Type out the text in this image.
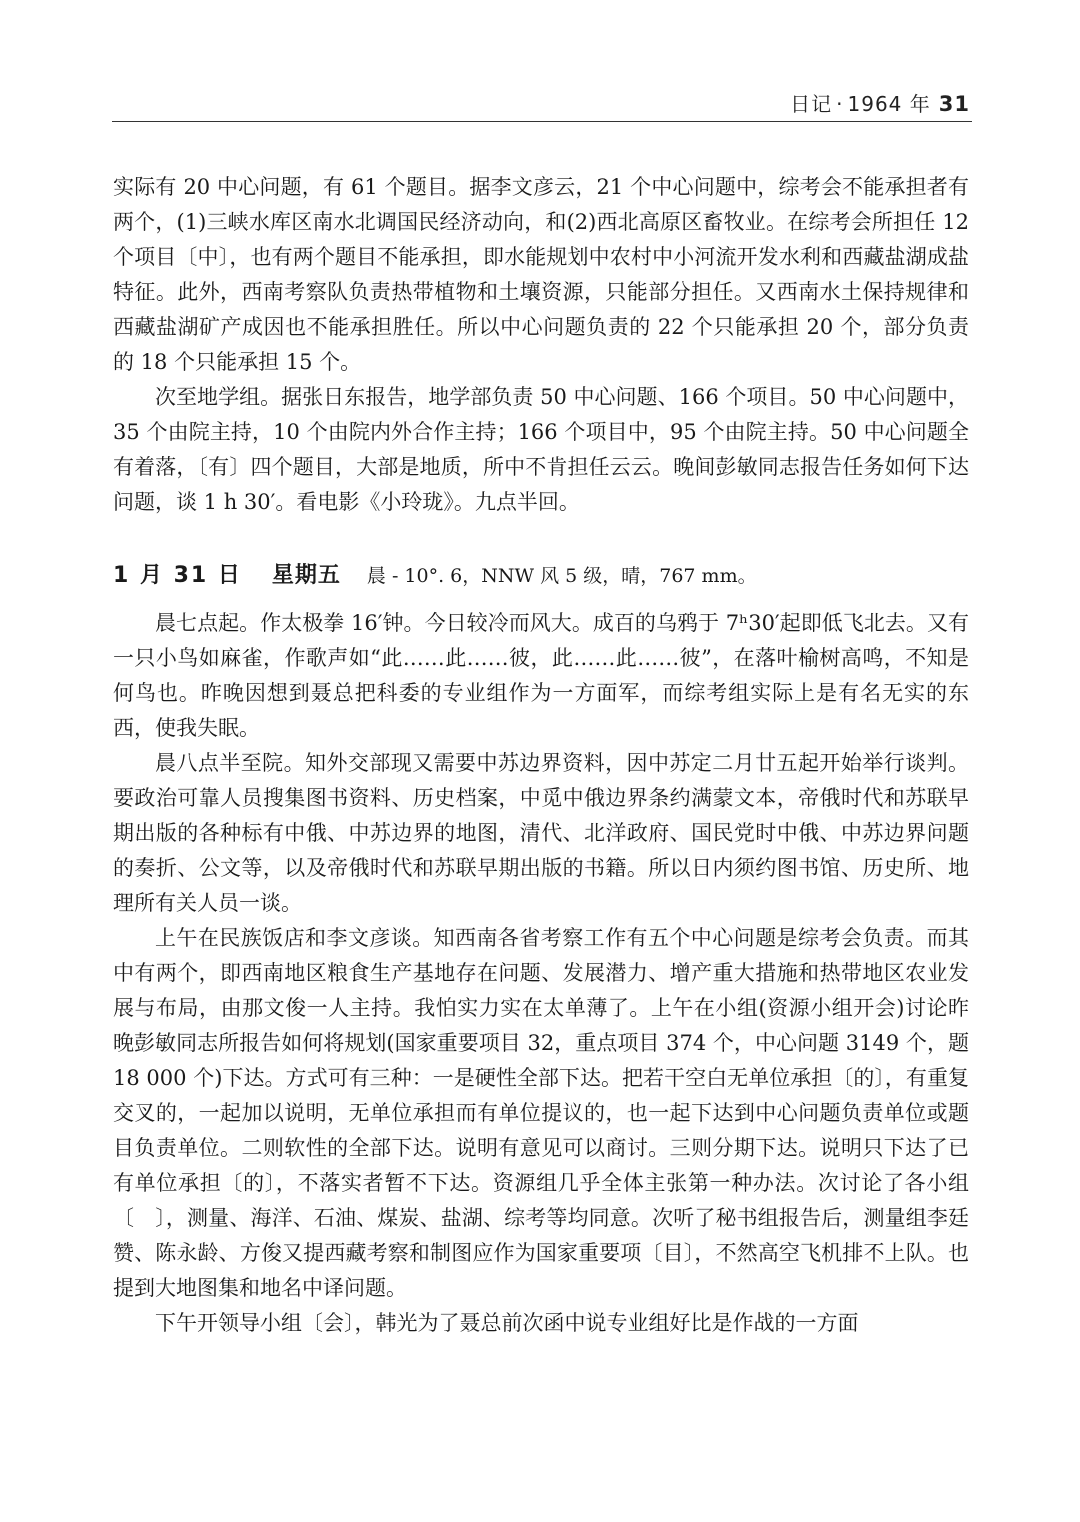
日记 · 1964 年 31

实际有 20 中心问题，有 61 个题目。据李文彦云，21 个中心问题中，综考会不能承担者有两个，(1)三峡水库区南水北调国民经济动向，和(2)西北高原区畜牧业。在综考会所担任 12 个项目〔中〕，也有两个题目不能承担，即水能规划中农村中小河流开发水利和西藏盐湖成盐特征。此外，西南考察队负责热带植物和土壤资源，只能部分担任。又西南水土保持规律和西藏盐湖矿产成因也不能承担胜任。所以中心问题负责的 22 个只能承担 20 个，部分负责的 18 个只能承担 15 个。

次至地学组。据张日东报告，地学部负责 50 中心问题、166 个项目。50 中心问题中，35 个由院主持，10 个由院内外合作主持；166 个项目中，95 个由院主持。50 中心问题全有着落，〔有〕四个题目，大部是地质，所中不肯担任云云。晚间彭敏同志报告任务如何下达问题，谈 1 h 30′。看电影《小玲珑》。九点半回。

1 月 31 日 星期五 晨 - 10°. 6，NNW 风 5 级，晴，767 mm。

晨七点起。作太极拳 16′钟。今日较冷而风大。成百的乌鸦于 7ʰ30′起即低飞北去。又有一只小鸟如麻雀，作歌声如“此……此……彼，此……此……彼”，在落叶榆树高鸣，不知是何鸟也。昨晚因想到聂总把科委的专业组作为一方面军，而综考组实际上是有名无实的东西，使我失眠。

晨八点半至院。知外交部现又需要中苏边界资料，因中苏定二月廿五起开始举行谈判。要政治可靠人员搜集图书资料、历史档案，中觅中俄边界条约满蒙文本，帝俄时代和苏联早期出版的各种标有中俄、中苏边界的地图，清代、北洋政府、国民党时中俄、中苏边界问题的奏折、公文等，以及帝俄时代和苏联早期出版的书籍。所以日内须约图书馆、历史所、地理所有关人员一谈。

上午在民族饭店和李文彦谈。知西南各省考察工作有五个中心问题是综考会负责。而其中有两个，即西南地区粮食生产基地存在问题、发展潜力、增产重大措施和热带地区农业发展与布局，由那文俊一人主持。我怕实力实在太单薄了。上午在小组(资源小组开会)讨论昨晚彭敏同志所报告如何将规划(国家重要项目 32，重点项目 374 个，中心问题 3149 个，题 18 000 个)下达。方式可有三种：一是硬性全部下达。把若干空白无单位承担〔的〕，有重复交叉的，一起加以说明，无单位承担而有单位提议的，也一起下达到中心问题负责单位或题目负责单位。二则软性的全部下达。说明有意见可以商讨。三则分期下达。说明只下达了已有单位承担〔的〕，不落实者暂不下达。资源组几乎全体主张第一种办法。次讨论了各小组〔　〕，测量、海洋、石油、煤炭、盐湖、综考等均同意。次听了秘书组报告后，测量组李廷赞、陈永龄、方俊又提西藏考察和制图应作为国家重要项〔目〕，不然高空飞机排不上队。也提到大地图集和地名中译问题。

下午开领导小组〔会〕，韩光为了聂总前次函中说专业组好比是作战的一方面
